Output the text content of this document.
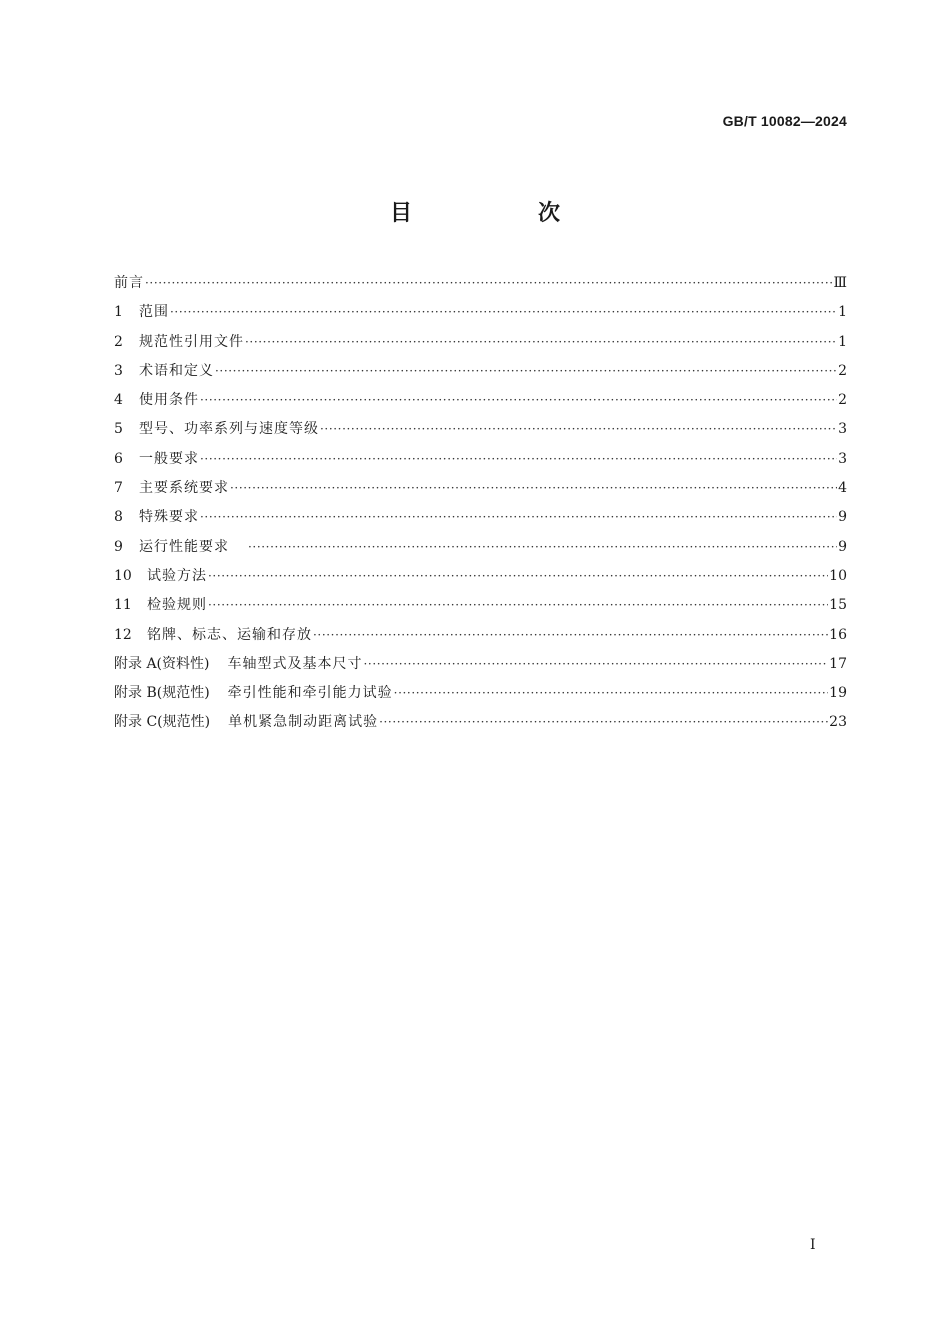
GB/T 10082—2024
目　次
前言 ·····	Ⅲ
1	范围 ·····	1
2	规范性引用文件 ·····	1
3	术语和定义 ·····	2
4	使用条件 ·····	2
5	型号、功率系列与速度等级 ·····	3
6	一般要求 ·····	3
7	主要系统要求 ·····	4
8	特殊要求 ·····	9
9	运行性能要求 ·····	9
10	试验方法 ·····	10
11	检验规则 ·····	15
12	铭牌、标志、运输和存放 ·····	16
附录 A(资料性) 车轴型式及基本尺寸 ·····	17
附录 B(规范性) 牵引性能和牵引能力试验 ·····	19
附录 C(规范性) 单机紧急制动距离试验 ·····	23
I
